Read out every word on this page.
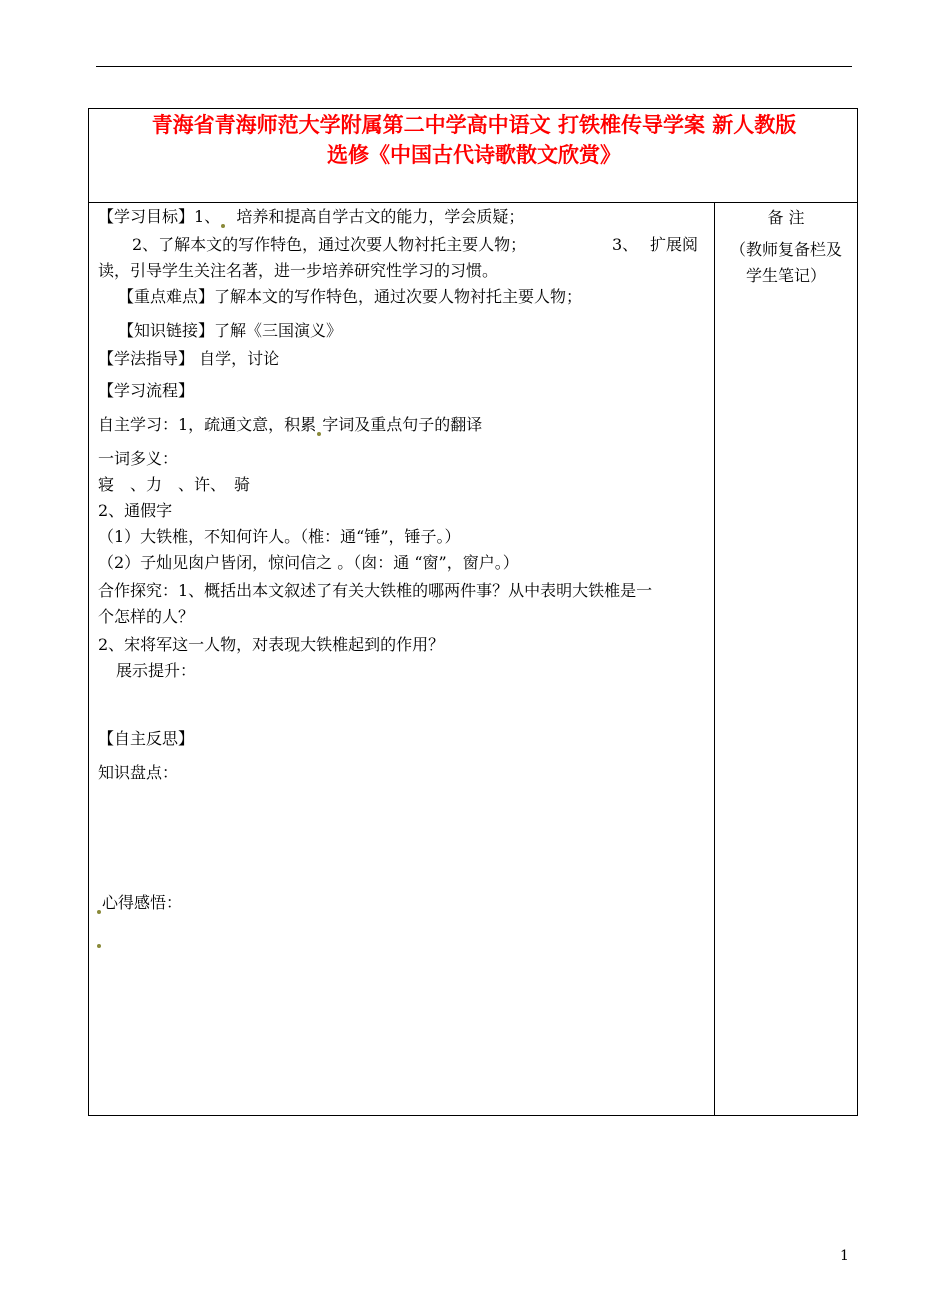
青海省青海师范大学附属第二中学高中语文 打铁椎传导学案 新人教版
选修《中国古代诗歌散文欣赏》
【学习目标】1、 培养和提高自学古文的能力，学会质疑；
2、了解本文的写作特色，通过次要人物衬托主要人物；	3、 扩展阅
读，引导学生关注名著，进一步培养研究性学习的习惯。
【重点难点】了解本文的写作特色，通过次要人物衬托主要人物；
【知识链接】了解《三国演义》
【学法指导】 自学，讨论
【学习流程】
自主学习：1，疏通文意，积累 字词及重点句子的翻译
一词多义：
寝　、力　、许、　骑
2、通假字
（1）大铁椎，不知何许人。（椎：通“锤”，锤子。）
（2）子灿见囱户皆闭，惊问信之 。（囱：通 “窗”，窗户。）
合作探究：1、概括出本文叙述了有关大铁椎的哪两件事？从中表明大铁椎是一
个怎样的人？
2、宋将军这一人物，对表现大铁椎起到的作用？
展示提升：
【自主反思】
知识盘点：
心得感悟：
备 注
（教师复备栏及
学生笔记）
1
